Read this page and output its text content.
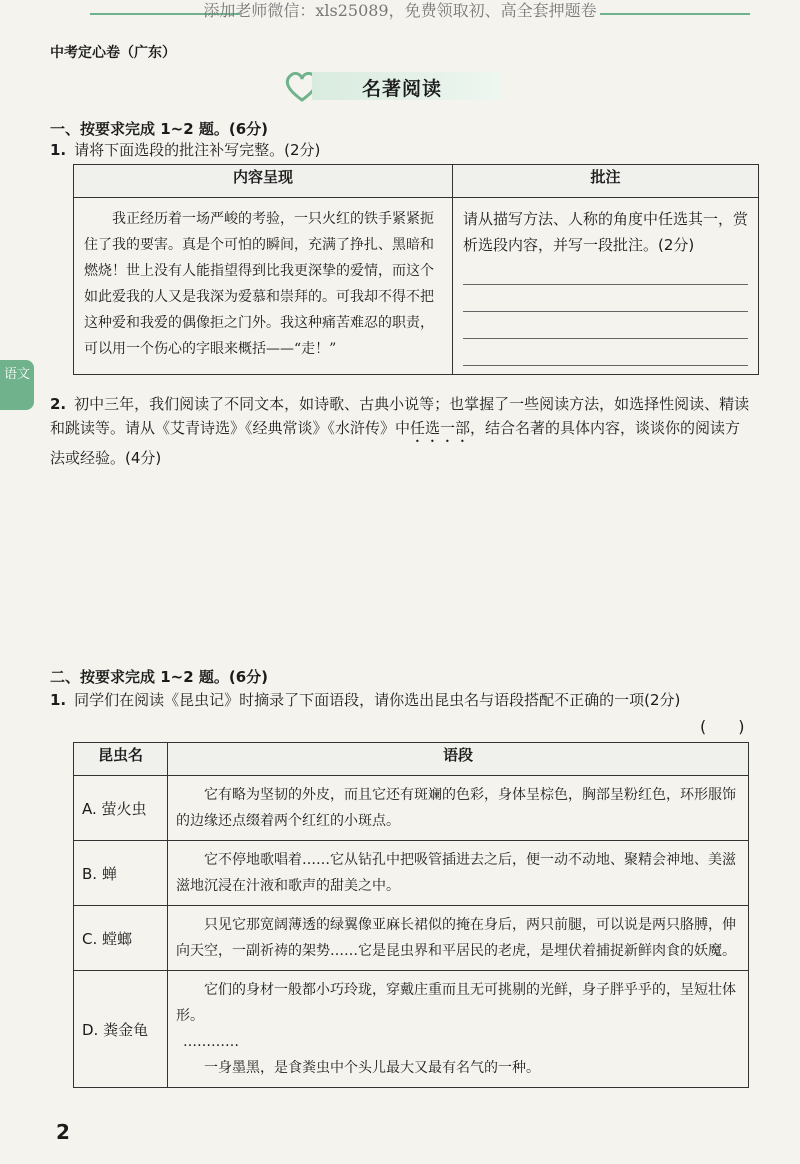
添加老师微信：xls25089，免费领取初、高全套押题卷
中考定心卷（广东）
名著阅读
一、按要求完成 1~2 题。(6分)
1. 请将下面选段的批注补写完整。(2分)
内容呈现	批注
我正经历着一场严峻的考验，一只火红的铁手紧紧扼住了我的要害。真是个可怕的瞬间，充满了挣扎、黑暗和燃烧！世上没有人能指望得到比我更深挚的爱情，而这个如此爱我的人又是我深为爱慕和崇拜的。可我却不得不把这种爱和我爱的偶像拒之门外。我这种痛苦难忍的职责，可以用一个伤心的字眼来概括——“走！”	请从描写方法、人称的角度中任选其一，赏析选段内容，并写一段批注。(2分)
语文
2. 初中三年，我们阅读了不同文本，如诗歌、古典小说等；也掌握了一些阅读方法，如选择性阅读、精读和跳读等。请从《艾青诗选》《经典常谈》《水浒传》中任选一部，结合名著的具体内容，谈谈你的阅读方法或经验。(4分)
二、按要求完成 1~2 题。(6分)
1. 同学们在阅读《昆虫记》时摘录了下面语段，请你选出昆虫名与语段搭配不正确的一项(2分)
(　　)
昆虫名	语段
A. 萤火虫	它有略为坚韧的外皮，而且它还有斑斓的色彩，身体呈棕色，胸部呈粉红色，环形服饰的边缘还点缀着两个红红的小斑点。
B. 蝉	它不停地歌唱着……它从钻孔中把吸管插进去之后，便一动不动地、聚精会神地、美滋滋地沉浸在汁液和歌声的甜美之中。
C. 螳螂	只见它那宽阔薄透的绿翼像亚麻长裙似的掩在身后，两只前腿，可以说是两只胳膊，伸向天空，一副祈祷的架势……它是昆虫界和平居民的老虎，是埋伏着捕捉新鲜肉食的妖魔。
D. 粪金龟	它们的身材一般都小巧玲珑，穿戴庄重而且无可挑剔的光鲜，身子胖乎乎的，呈短壮体形。

…………

一身墨黑，是食粪虫中个头儿最大又最有名气的一种。

2
